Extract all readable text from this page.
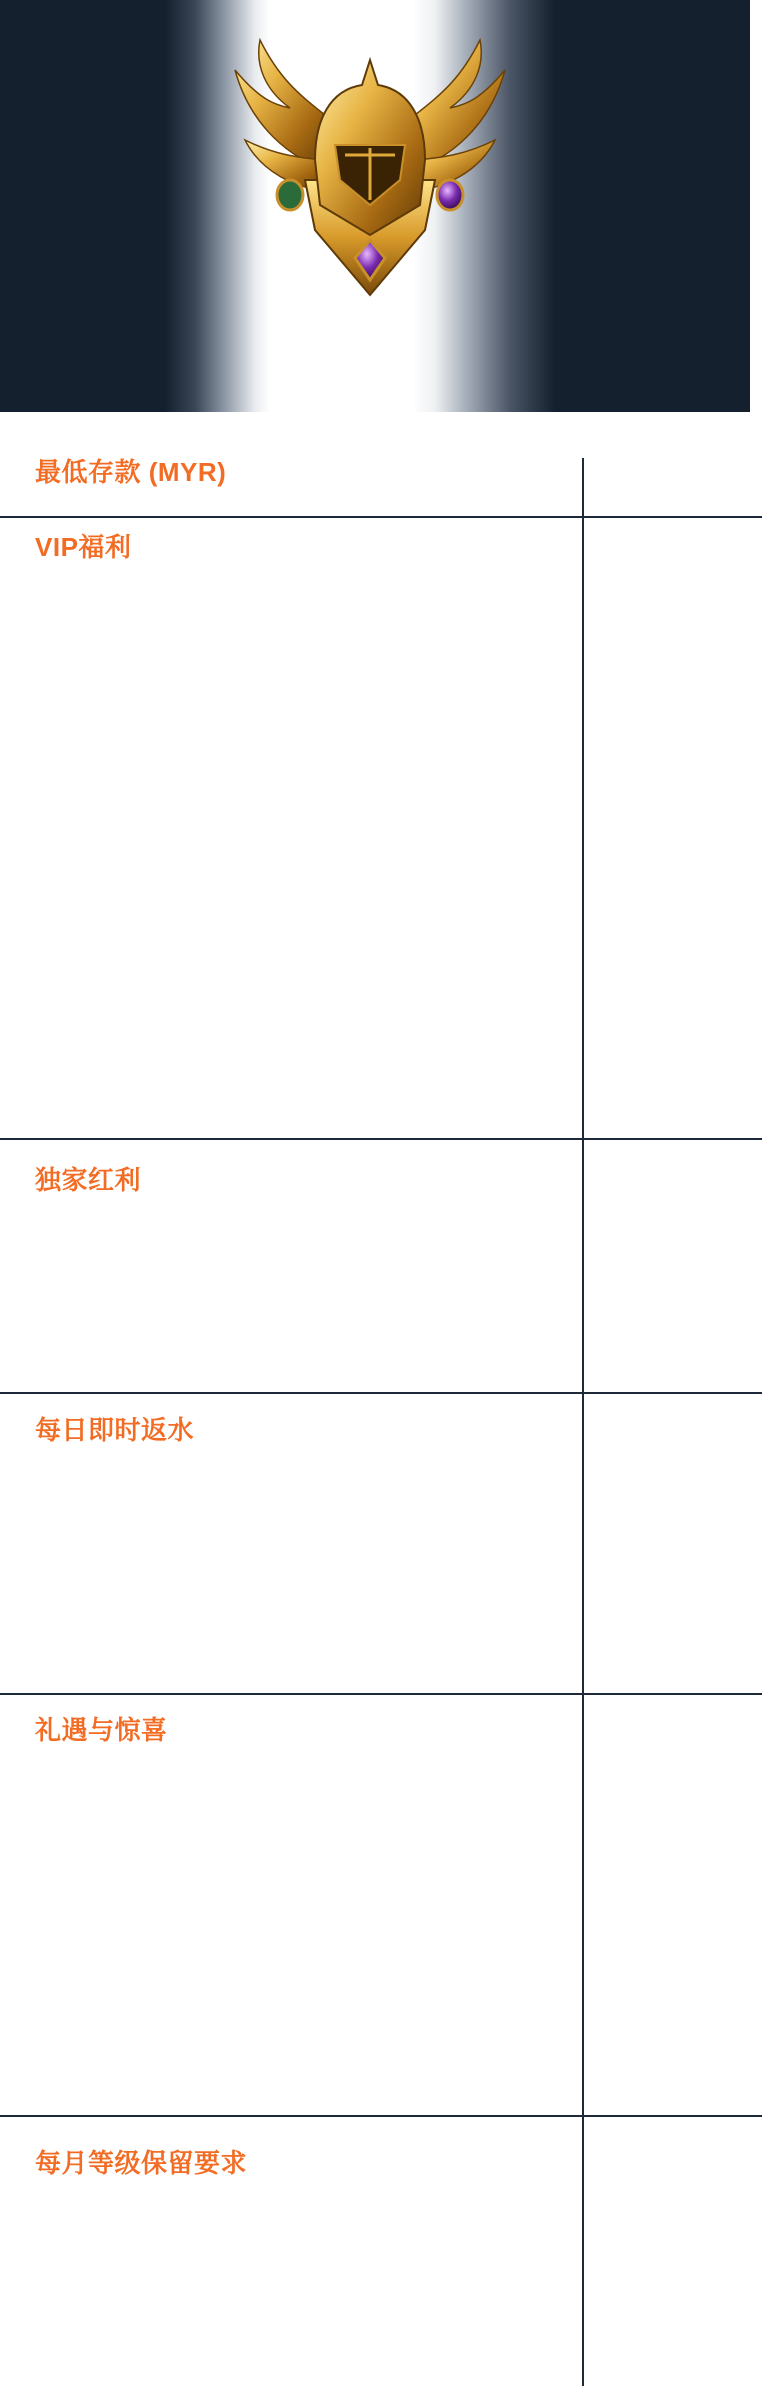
最低存款 (MYR)
VIP福利
独家红利
每日即时返水
礼遇与惊喜
每月等级保留要求
